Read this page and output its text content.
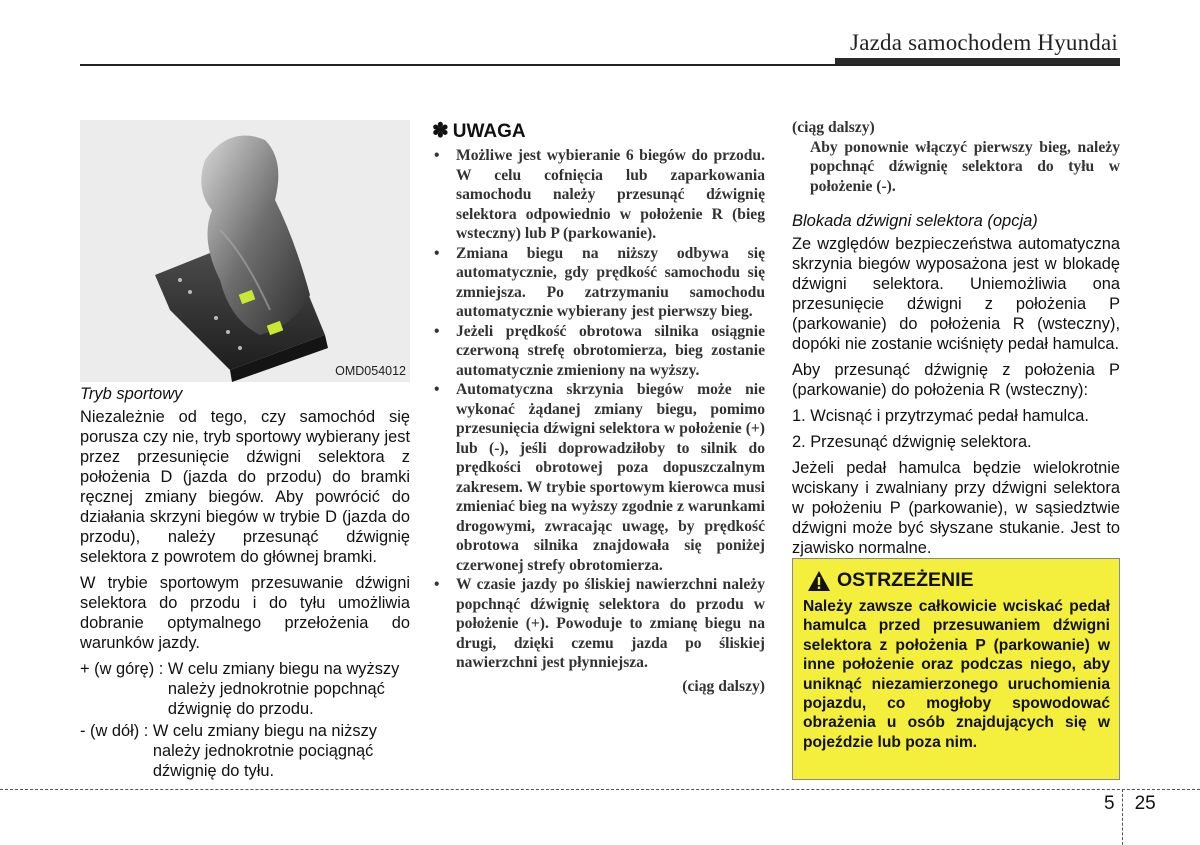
Jazda samochodem Hyundai
OMD054012
Tryb sportowy

Niezależnie od tego, czy samochód się porusza czy nie, tryb sportowy wybierany jest przez przesunięcie dźwigni selektora z położenia D (jazda do przodu) do bramki ręcznej zmiany biegów. Aby powrócić do działania skrzyni biegów w trybie D (jazda do przodu), należy przesunąć dźwignię selektora z powrotem do głównej bramki.

W trybie sportowym przesuwanie dźwigni selektora do przodu i do tyłu umożliwia dobranie optymalnego przełożenia do warunków jazdy.

+ (w górę) : W celu zmiany biegu na wyższy należy jednokrotnie popchnąć dźwignię do przodu.
- (w dół) : W celu zmiany biegu na niższy należy jednokrotnie pociągnąć dźwignię do tyłu.
✽ UWAGA
•	Możliwe jest wybieranie 6 biegów do przodu. W celu cofnięcia lub zaparkowania samochodu należy przesunąć dźwignię selektora odpowiednio w położenie R (bieg wsteczny) lub P (parkowanie).
•	Zmiana biegu na niższy odbywa się automatycznie, gdy prędkość samochodu się zmniejsza. Po zatrzymaniu samochodu automatycznie wybierany jest pierwszy bieg.
•	Jeżeli prędkość obrotowa silnika osiągnie czerwoną strefę obrotomierza, bieg zostanie automatycznie zmieniony na wyższy.
•	Automatyczna skrzynia biegów może nie wykonać żądanej zmiany biegu, pomimo przesunięcia dźwigni selektora w położenie (+) lub (-), jeśli doprowadziłoby to silnik do prędkości obrotowej poza dopuszczalnym zakresem. W trybie sportowym kierowca musi zmieniać bieg na wyższy zgodnie z warunkami drogowymi, zwracając uwagę, by prędkość obrotowa silnika znajdowała się poniżej czerwonej strefy obrotomierza.
•	W czasie jazdy po śliskiej nawierzchni należy popchnąć dźwignię selektora do przodu w położenie (+). Powoduje to zmianę biegu na drugi, dzięki czemu jazda po śliskiej nawierzchni jest płynniejsza.
(ciąg dalszy)
(ciąg dalszy)
Aby ponownie włączyć pierwszy bieg, należy popchnąć dźwignię selektora do tyłu w położenie (-).
Blokada dźwigni selektora (opcja)

Ze względów bezpieczeństwa automatyczna skrzynia biegów wyposażona jest w blokadę dźwigni selektora. Uniemożliwia ona przesunięcie dźwigni z położenia P (parkowanie) do położenia R (wsteczny), dopóki nie zostanie wciśnięty pedał hamulca.

Aby przesunąć dźwignię z położenia P (parkowanie) do położenia R (wsteczny):

1. Wcisnąć i przytrzymać pedał hamulca.

2. Przesunąć dźwignię selektora.

Jeżeli pedał hamulca będzie wielokrotnie wciskany i zwalniany przy dźwigni selektora w położeniu P (parkowanie), w sąsiedztwie dźwigni może być słyszane stukanie. Jest to zjawisko normalne.

OSTRZEŻENIE
Należy zawsze całkowicie wciskać pedał hamulca przed przesuwaniem dźwigni selektora z położenia P (parkowanie) w inne położenie oraz podczas niego, aby uniknąć niezamierzonego uruchomienia pojazdu, co mogłoby spowodować obrażenia u osób znajdujących się w pojeździe lub poza nim.
5 25
